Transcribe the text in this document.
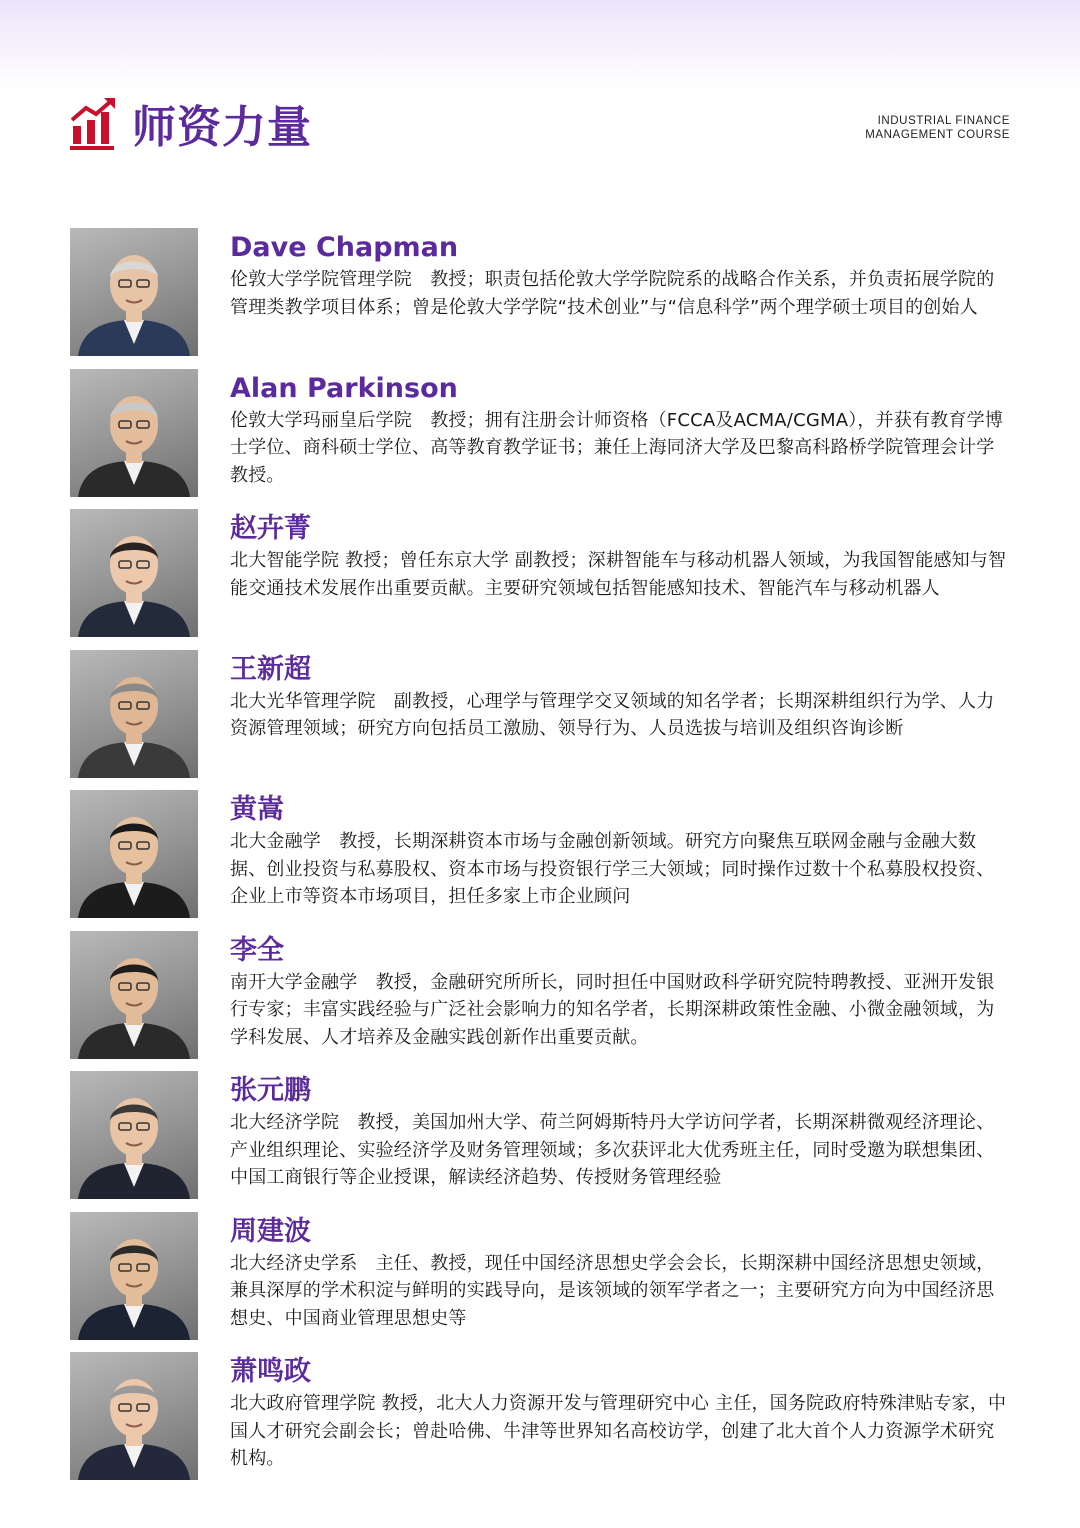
师资力量	INDUSTRIAL FINANCE
MANAGEMENT COURSE
Dave Chapman
伦敦大学学院管理学院　教授；职责包括伦敦大学学院院系的战略合作关系，并负责拓展学院的管理类教学项目体系；曾是伦敦大学学院“技术创业”与“信息科学”两个理学硕士项目的创始人
Alan Parkinson
伦敦大学玛丽皇后学院　教授；拥有注册会计师资格（FCCA及ACMA/CGMA），并获有教育学博士学位、商科硕士学位、高等教育教学证书；兼任上海同济大学及巴黎高科路桥学院管理会计学教授。
赵卉菁
北大智能学院 教授；曾任东京大学 副教授；深耕智能车与移动机器人领域，为我国智能感知与智能交通技术发展作出重要贡献。主要研究领域包括智能感知技术、智能汽车与移动机器人
王新超
北大光华管理学院　副教授，心理学与管理学交叉领域的知名学者；长期深耕组织行为学、人力资源管理领域；研究方向包括员工激励、领导行为、人员选拔与培训及组织咨询诊断
黄嵩
北大金融学　教授，长期深耕资本市场与金融创新领域。研究方向聚焦互联网金融与金融大数据、创业投资与私募股权、资本市场与投资银行学三大领域；同时操作过数十个私募股权投资、企业上市等资本市场项目，担任多家上市企业顾问
李全
南开大学金融学　教授，金融研究所所长，同时担任中国财政科学研究院特聘教授、亚洲开发银行专家；丰富实践经验与广泛社会影响力的知名学者，长期深耕政策性金融、小微金融领域，为学科发展、人才培养及金融实践创新作出重要贡献。
张元鹏
北大经济学院　教授，美国加州大学、荷兰阿姆斯特丹大学访问学者，长期深耕微观经济理论、产业组织理论、实验经济学及财务管理领域；多次获评北大优秀班主任，同时受邀为联想集团、中国工商银行等企业授课，解读经济趋势、传授财务管理经验
周建波
北大经济史学系　主任、教授，现任中国经济思想史学会会长，长期深耕中国经济思想史领域，兼具深厚的学术积淀与鲜明的实践导向，是该领域的领军学者之一；主要研究方向为中国经济思想史、中国商业管理思想史等
萧鸣政
北大政府管理学院 教授，北大人力资源开发与管理研究中心 主任，国务院政府特殊津贴专家，中国人才研究会副会长；曾赴哈佛、牛津等世界知名高校访学，创建了北大首个人力资源学术研究机构。
